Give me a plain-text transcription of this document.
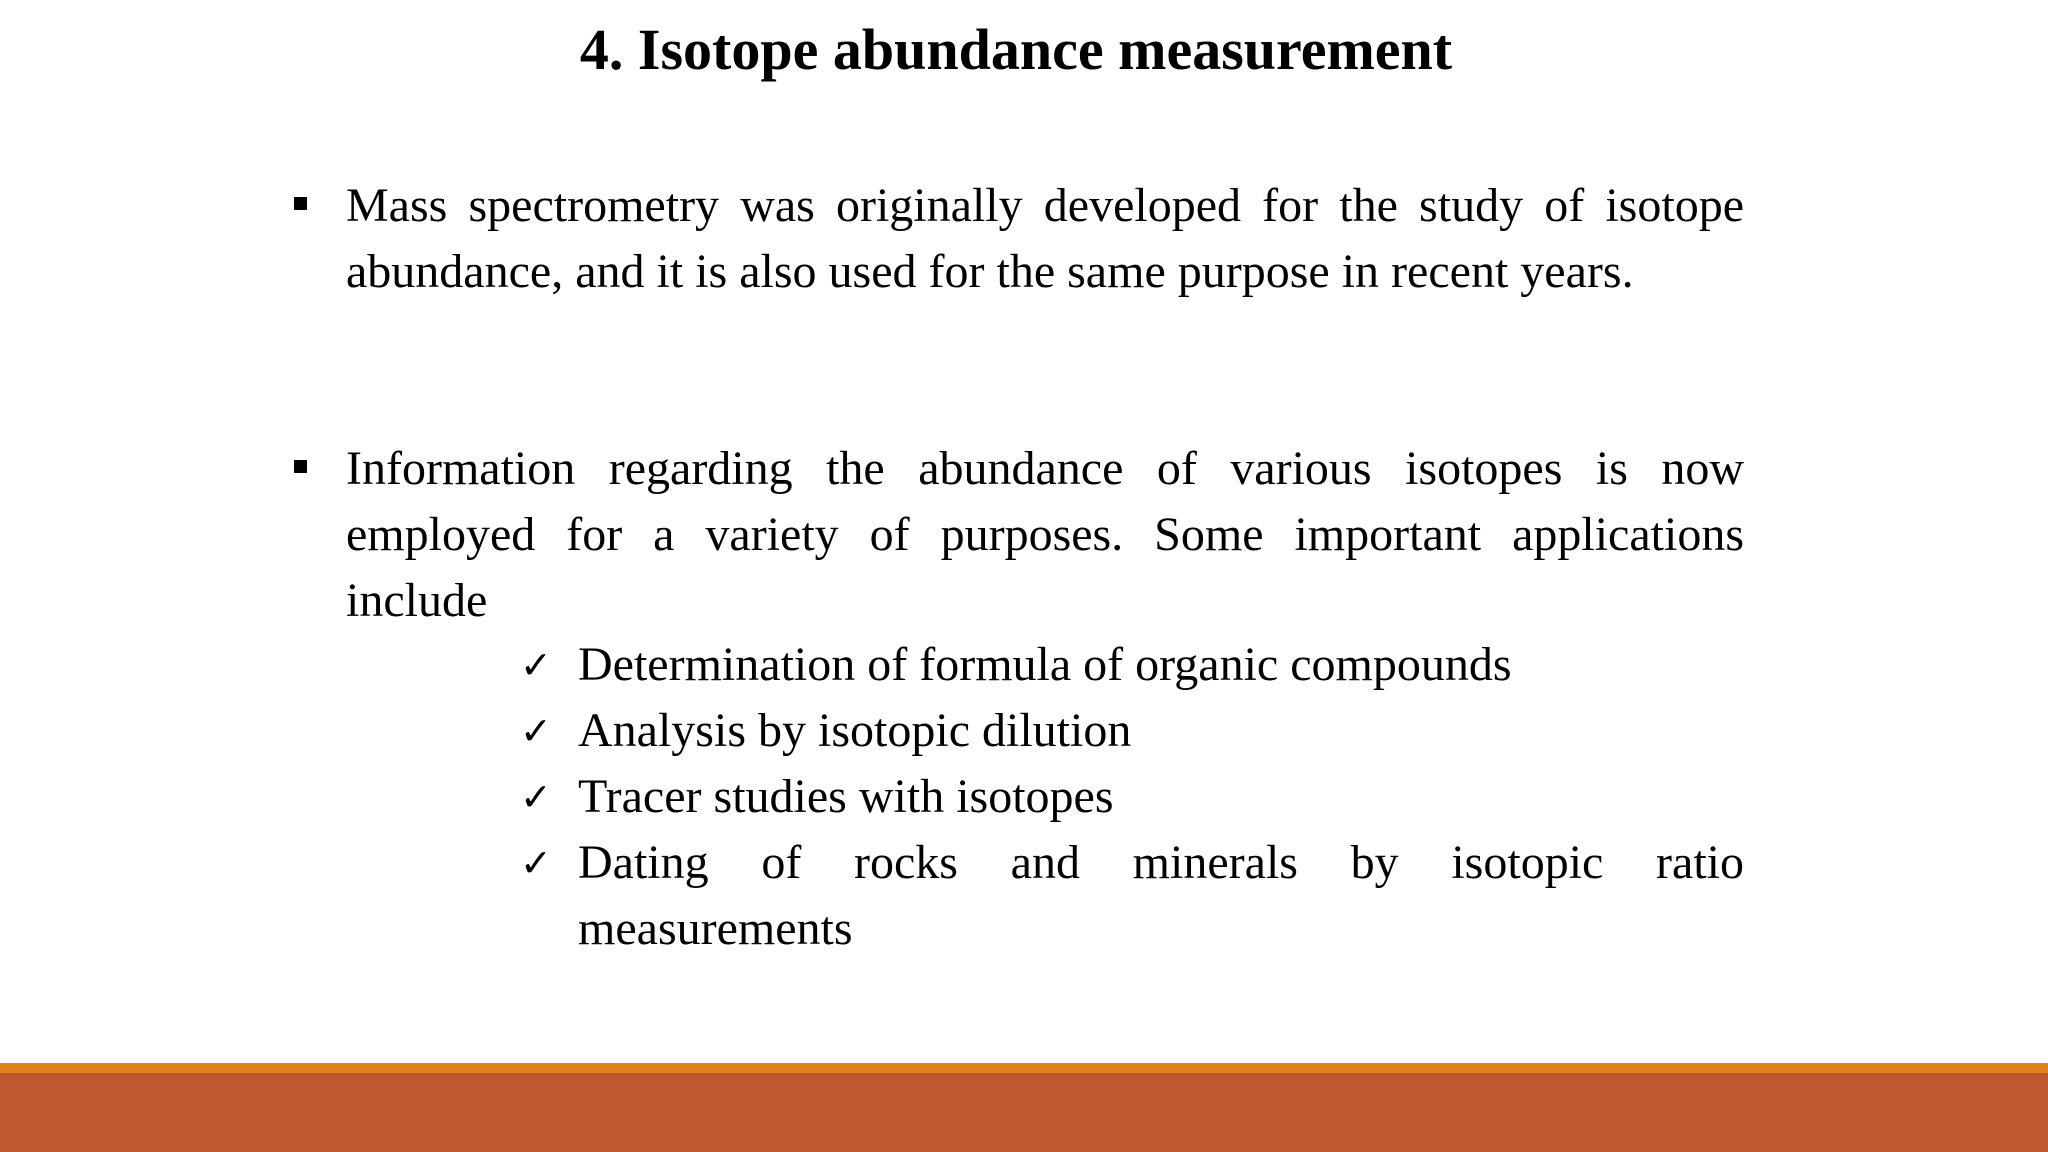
4. Isotope abundance measurement

Mass spectrometry was originally developed for the study of isotope abundance, and it is also used for the same purpose in recent years.

Information regarding the abundance of various isotopes is now employed for a variety of purposes. Some important applications include

✓ Determination of formula of organic compounds
✓ Analysis by isotopic dilution
✓ Tracer studies with isotopes
✓ Dating of rocks and minerals by isotopic ratio measurements
